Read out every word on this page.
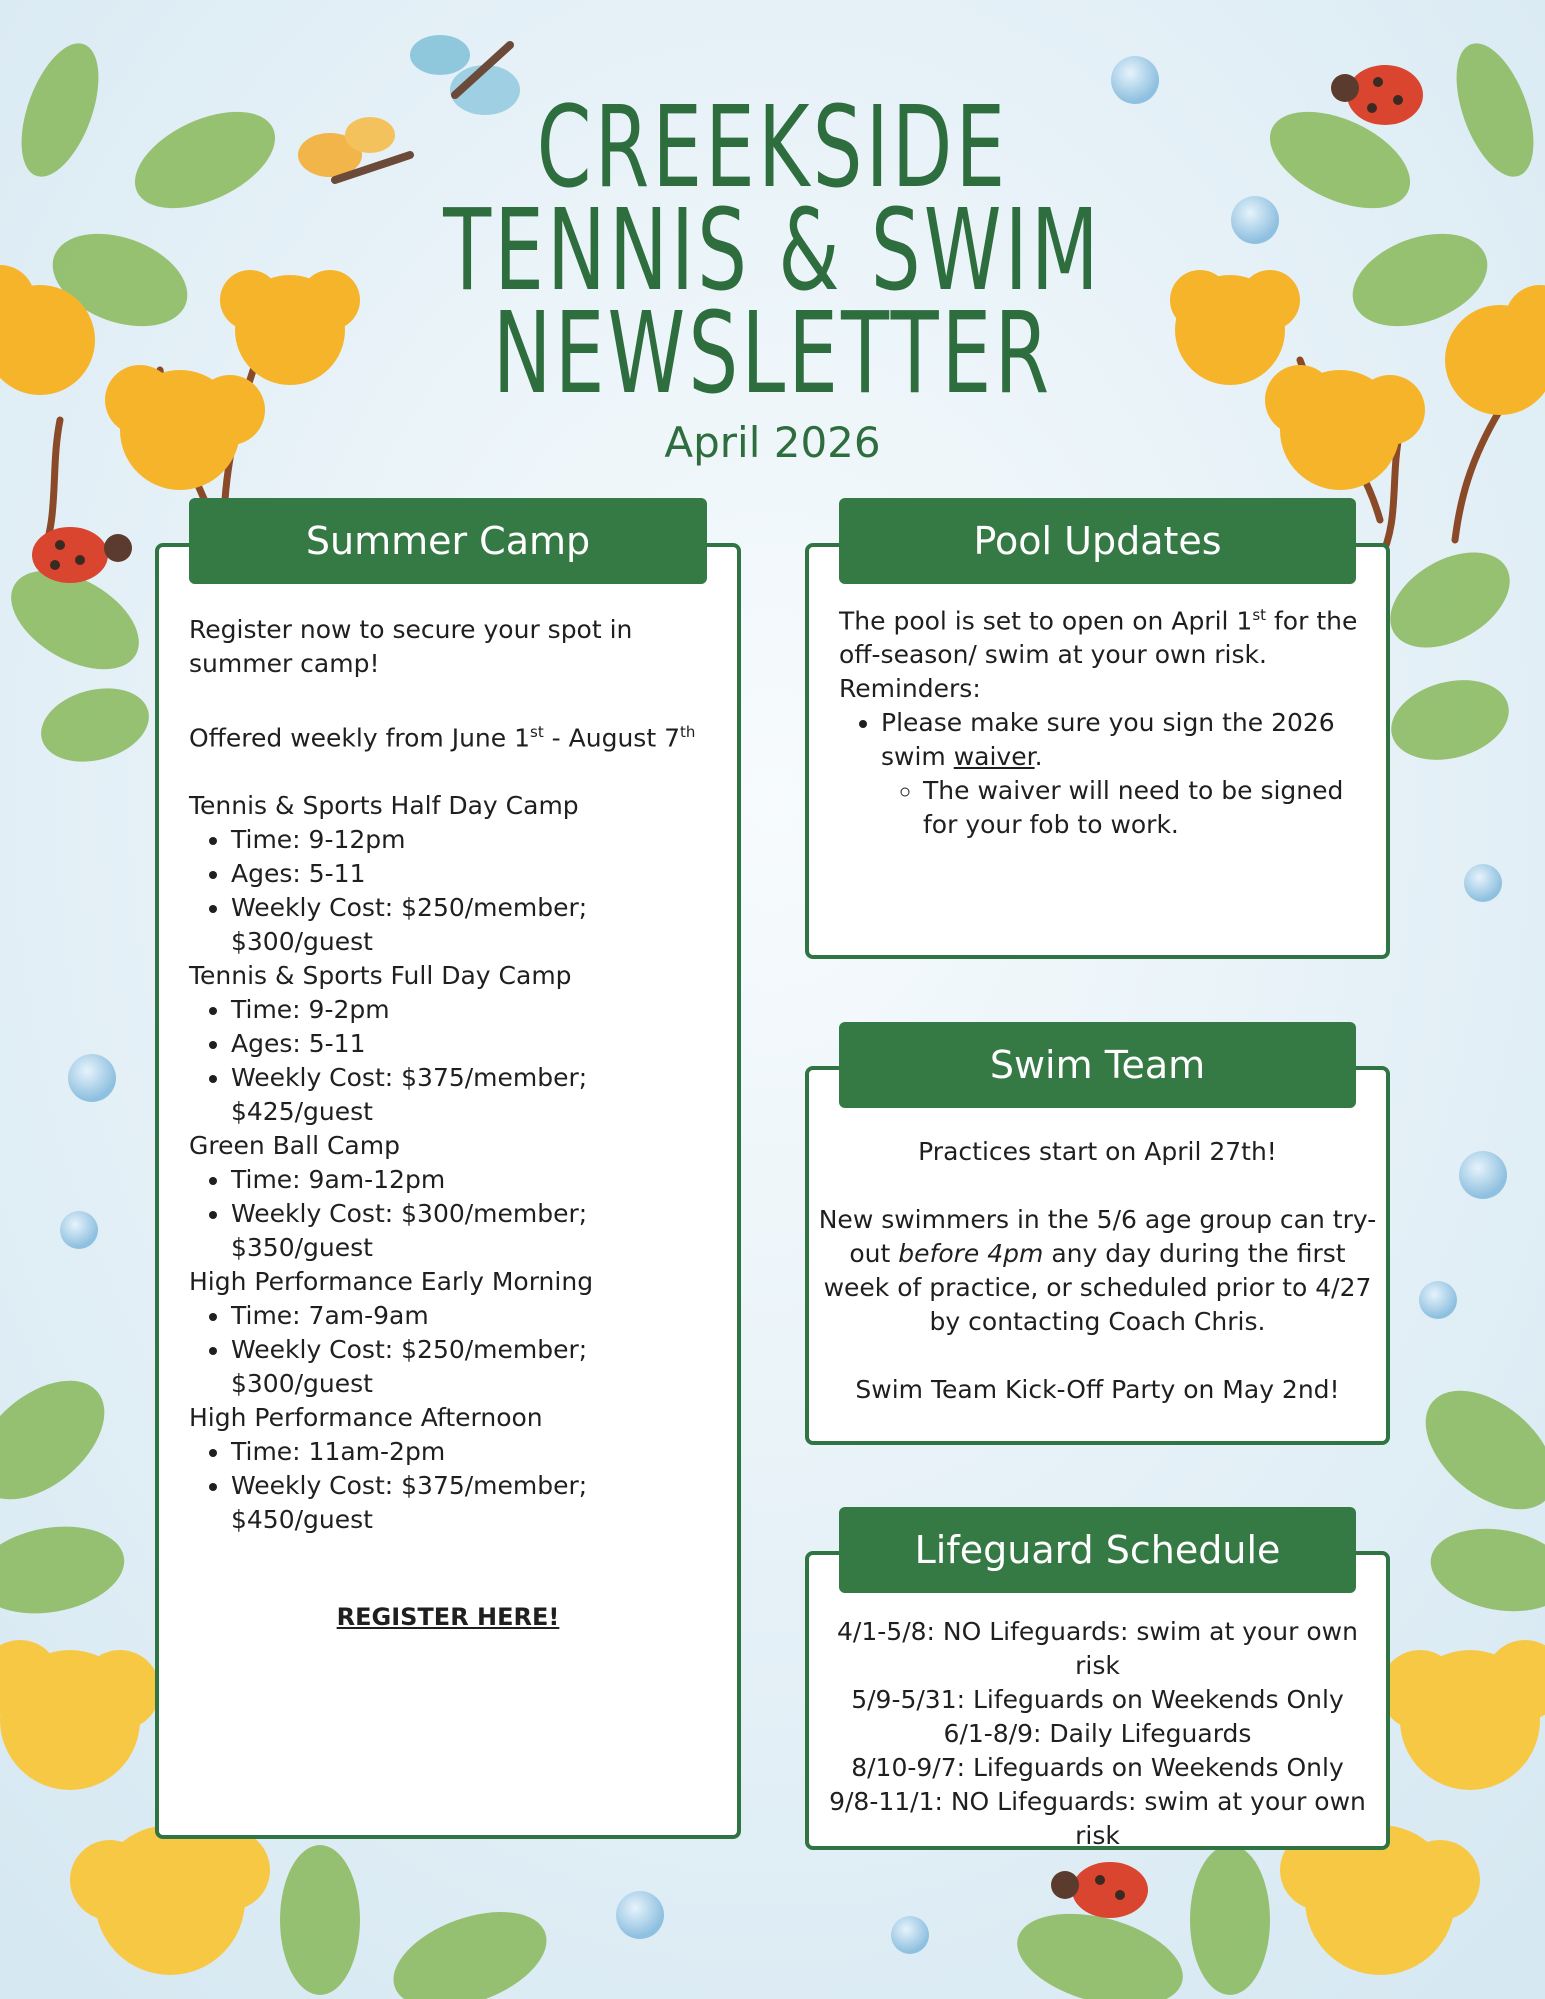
CREEKSIDE
TENNIS & SWIM
NEWSLETTER
April 2026
Summer Camp

Register now to secure your spot in summer camp!

Offered weekly from June 1st - August 7th

Tennis & Sports Half Day Camp

• Time: 9-12pm
• Ages: 5-11
• Weekly Cost: $250/member; $300/guest

Tennis & Sports Full Day Camp

• Time: 9-2pm
• Ages: 5-11
• Weekly Cost: $375/member; $425/guest

Green Ball Camp

• Time: 9am-12pm
• Weekly Cost: $300/member; $350/guest

High Performance Early Morning

• Time: 7am-9am
• Weekly Cost: $250/member; $300/guest

High Performance Afternoon

• Time: 11am-2pm
• Weekly Cost: $375/member; $450/guest
REGISTER HERE!
Pool Updates

The pool is set to open on April 1st for the off-season/ swim at your own risk.

Reminders:

• Please make sure you sign the 2026 swim waiver.
◦ The waiver will need to be signed for your fob to work.
Swim Team

Practices start on April 27th!

New swimmers in the 5/6 age group can try-out before 4pm any day during the first week of practice, or scheduled prior to 4/27 by contacting Coach Chris.

Swim Team Kick-Off Party on May 2nd!

Lifeguard Schedule

4/1-5/8: NO Lifeguards: swim at your own risk

5/9-5/31: Lifeguards on Weekends Only

6/1-8/9: Daily Lifeguards

8/10-9/7: Lifeguards on Weekends Only

9/8-11/1: NO Lifeguards: swim at your own risk
